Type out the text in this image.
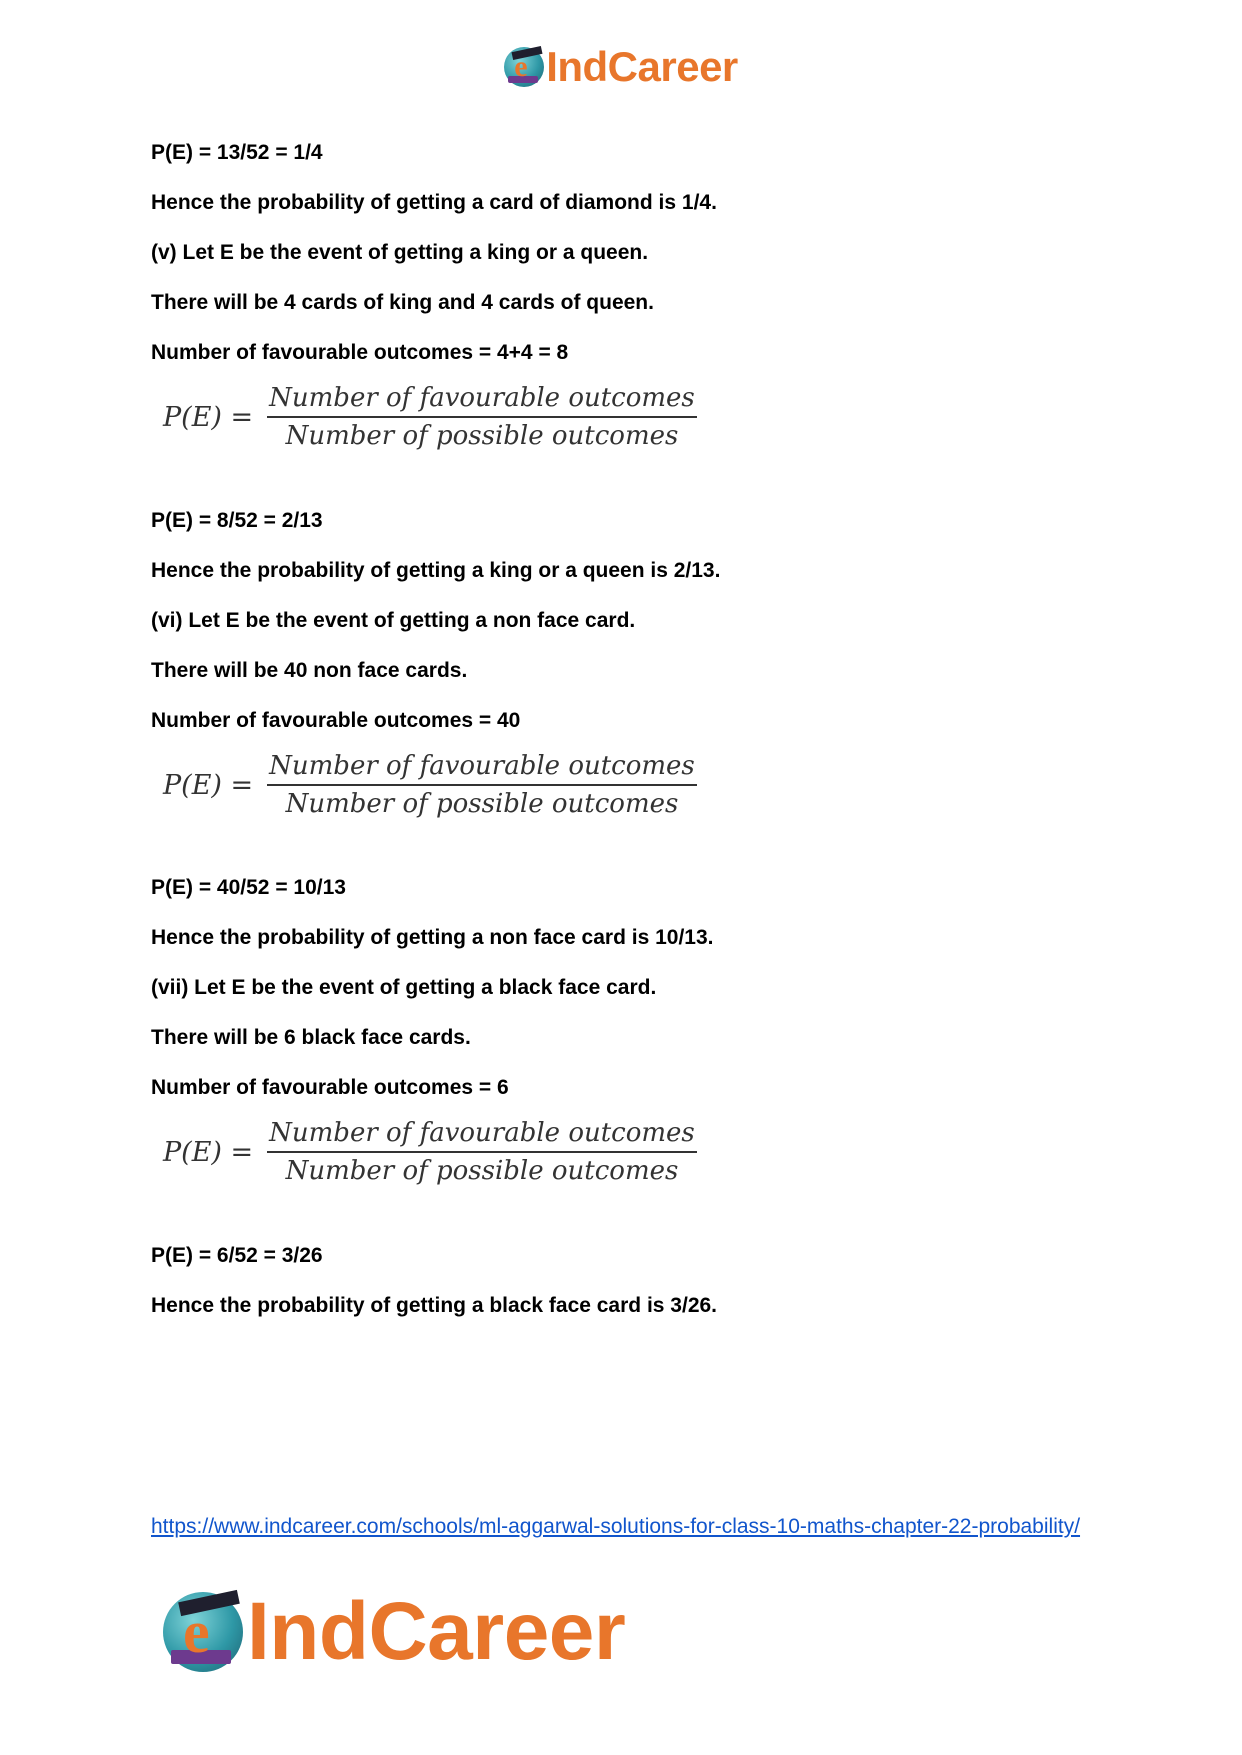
e IndCareer
P(E) = 13/52 = 1/4
Hence the probability of getting a card of diamond is 1/4.
(v) Let E be the event of getting a king or a queen.
There will be 4 cards of king and 4 cards of queen.
Number of favourable outcomes = 4+4 = 8
$P(E) = \frac{\text{Number of favourable outcomes}}{\text{Number of possible outcomes}}$
P(E) = 8/52 = 2/13
Hence the probability of getting a king or a queen is 2/13.
(vi) Let E be the event of getting a non face card.
There will be 40 non face cards.
Number of favourable outcomes = 40
$P(E) = \frac{\text{Number of favourable outcomes}}{\text{Number of possible outcomes}}$
P(E) = 40/52 = 10/13
Hence the probability of getting a non face card is 10/13.
(vii) Let E be the event of getting a black face card.
There will be 6 black face cards.
Number of favourable outcomes = 6
$P(E) = \frac{\text{Number of favourable outcomes}}{\text{Number of possible outcomes}}$
P(E) = 6/52 = 3/26
Hence the probability of getting a black face card is 3/26.
https://www.indcareer.com/schools/ml-aggarwal-solutions-for-class-10-maths-chapter-22-probability/
e IndCareer
